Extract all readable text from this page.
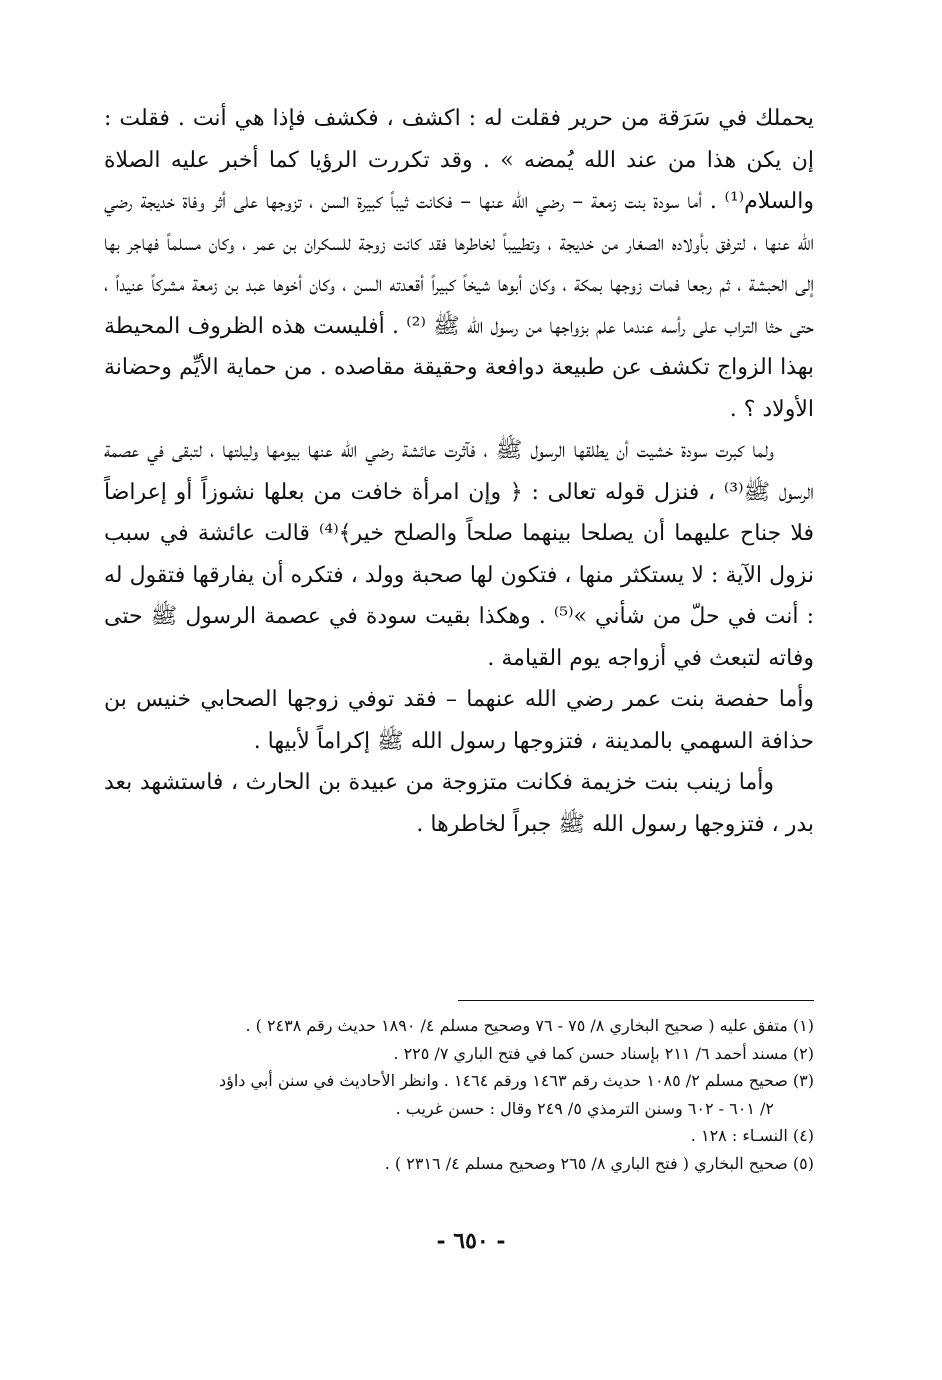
يحملك في سَرَقة من حرير فقلت له : اكشف ، فكشف فإذا هي أنت . فقلت : إن يكن هذا من عند الله يُمضه » . وقد تكررت الرؤيا كما أخبر عليه الصلاة والسلام⁽¹⁾ . أما سودة بنت زمعة – رضي الله عنها – فكانت ثيباً كبيرة السن ، تزوجها على أثر وفاة خديجة رضي الله عنها ، لترفق بأولاده الصغار من خديجة ، وتطييباً لخاطرها فقد كانت زوجة للسكران بن عمر ، وكان مسلماً فهاجر بها إلى الحبشة ، ثم رجعا فمات زوجها بمكة ، وكان أبوها شيخاً كبيراً أقعدته السن ، وكان أخوها عبد بن زمعة مشركاً عنيداً ، حتى حثا التراب على رأسه عندما علم بزواجها من رسول الله ﷺ ⁽²⁾ . أفليست هذه الظروف المحيطة بهذا الزواج تكشف عن طبيعة دوافعة وحقيقة مقاصده . من حماية الأيِّم وحضانة الأولاد ؟ .

ولما كبرت سودة خشيت أن يطلقها الرسول ﷺ ، فآثرت عائشة رضي الله عنها بيومها وليلتها ، لتبقى في عصمة الرسول ﷺ⁽³⁾ ، فنزل قوله تعالى : ﴿ وإن امرأة خافت من بعلها نشوزاً أو إعراضاً فلا جناح عليهما أن يصلحا بينهما صلحاً والصلح خير﴾⁽⁴⁾ قالت عائشة في سبب نزول الآية : لا يستكثر منها ، فتكون لها صحبة وولد ، فتكره أن يفارقها فتقول له : أنت في حلّ من شأني »⁽⁵⁾ . وهكذا بقيت سودة في عصمة الرسول ﷺ حتى وفاته لتبعث في أزواجه يوم القيامة .

وأما حفصة بنت عمر رضي الله عنهما – فقد توفي زوجها الصحابي خنيس بن حذافة السهمي بالمدينة ، فتزوجها رسول الله ﷺ إكراماً لأبيها .

وأما زينب بنت خزيمة فكانت متزوجة من عبيدة بن الحارث ، فاستشهد بعد بدر ، فتزوجها رسول الله ﷺ جبراً لخاطرها .

(١) متفق عليه ( صحيح البخاري ٨/ ٧٥ - ٧٦ وصحيح مسلم ٤/ ١٨٩٠ حديث رقم ٢٤٣٨ ) .

(٢) مسند أحمد ٦/ ٢١١ بإسناد حسن كما في فتح الباري ٧/ ٢٢٥ .

(٣) صحيح مسلم ٢/ ١٠٨٥ حديث رقم ١٤٦٣ ورقم ١٤٦٤ . وانظر الأحاديث في سنن أبي داؤد

٢/ ٦٠١ - ٦٠٢ وسنن الترمذي ٥/ ٢٤٩ وقال : حسن غريب .

(٤) النسـاء : ١٢٨ .

(٥) صحيح البخاري ( فتح الباري ٨/ ٢٦٥ وصحيح مسلم ٤/ ٢٣١٦ ) .

- ٦٥٠ -
